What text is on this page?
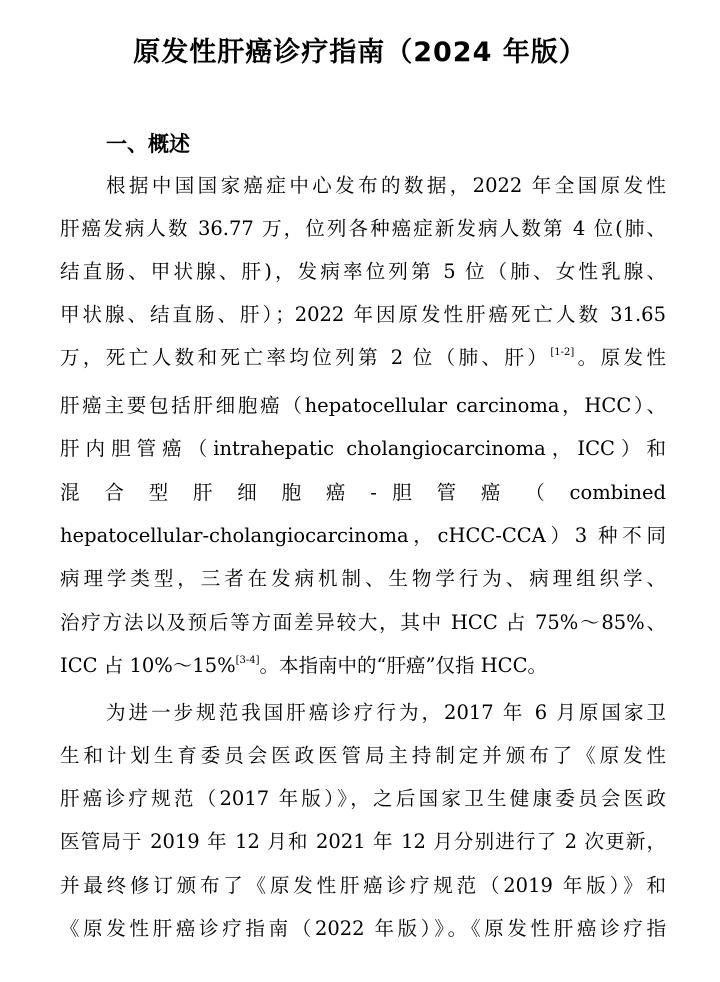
原发性肝癌诊疗指南（2024 年版）
一、概述
根据中国国家癌症中心发布的数据，2022 年全国原发性
肝癌发病人数 36.77 万，位列各种癌症新发病人数第 4 位(肺、
结直肠、甲状腺、肝)，发病率位列第 5 位（肺、女性乳腺、
甲状腺、结直肠、肝）；2022 年因原发性肝癌死亡人数 31.65
万，死亡人数和死亡率均位列第 2 位（肺、肝）[1-2]。原发性
肝癌主要包括肝细胞癌（hepatocellular carcinoma，HCC）、
肝内胆管癌（intrahepatic cholangiocarcinoma，ICC）和
混 合 型 肝 细 胞 癌 - 胆 管 癌 （ combined
hepatocellular-cholangiocarcinoma，cHCC-CCA）3 种不同
病理学类型，三者在发病机制、生物学行为、病理组织学、
治疗方法以及预后等方面差异较大，其中 HCC 占 75%～85%、
ICC 占 10%～15%[3-4]。本指南中的“肝癌”仅指 HCC。
为进一步规范我国肝癌诊疗行为，2017 年 6 月原国家卫
生和计划生育委员会医政医管局主持制定并颁布了《原发性
肝癌诊疗规范（2017 年版）》，之后国家卫生健康委员会医政
医管局于 2019 年 12 月和 2021 年 12 月分别进行了 2 次更新，
并最终修订颁布了《原发性肝癌诊疗规范（2019 年版）》和
《原发性肝癌诊疗指南（2022 年版）》。《原发性肝癌诊疗指
